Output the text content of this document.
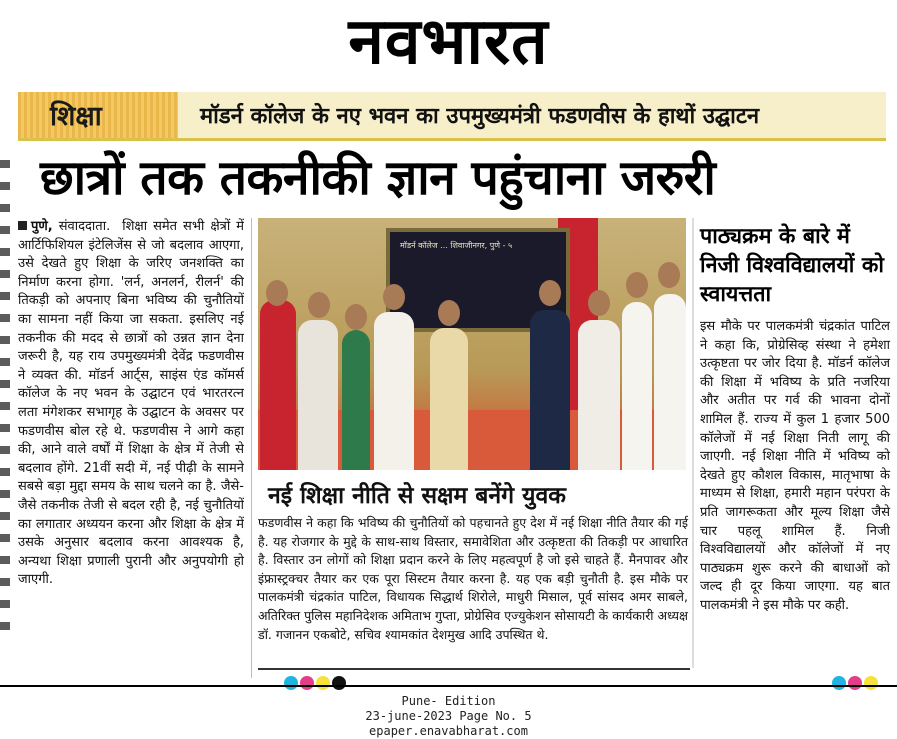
नवभारत
शिक्षा	मॉडर्न कॉलेज के नए भवन का उपमुख्यमंत्री फडणवीस के हाथों उद्घाटन
छात्रों तक तकनीकी ज्ञान पहुंचाना जरुरी
पुणे, संवाददाता. शिक्षा समेत सभी क्षेत्रों में आर्टिफिशियल इंटेलिजेंस से जो बदलाव आएगा, उसे देखते हुए शिक्षा के जरिए जनशक्ति का निर्माण करना होगा. 'लर्न, अनलर्न, रीलर्न' की तिकड़ी को अपनाए बिना भविष्य की चुनौतियों का सामना नहीं किया जा सकता. इसलिए नई तकनीक की मदद से छात्रों को उन्नत ज्ञान देना जरूरी है, यह राय उपमुख्यमंत्री देवेंद्र फडणवीस ने व्यक्त की. मॉडर्न आर्ट्स, साइंस एंड कॉमर्स कॉलेज के नए भवन के उद्घाटन एवं भारतरत्न लता मंगेशकर सभागृह के उद्घाटन के अवसर पर फडणवीस बोल रहे थे. फडणवीस ने आगे कहा की, आने वाले वर्षों में शिक्षा के क्षेत्र में तेजी से बदलाव होंगे. 21वीं सदी में, नई पीढ़ी के सामने सबसे बड़ा मुद्दा समय के साथ चलने का है. जैसे-जैसे तकनीक तेजी से बदल रही है, नई चुनौतियों का लगातार अध्ययन करना और शिक्षा के क्षेत्र में उसके अनुसार बदलाव करना आवश्यक है, अन्यथा शिक्षा प्रणाली पुरानी और अनुपयोगी हो जाएगी.
मॉडर्न कॉलेज ... शिवाजीनगर, पुणे - ५
नई शिक्षा नीति से सक्षम बनेंगे युवक
फडणवीस ने कहा कि भविष्य की चुनौतियों को पहचानते हुए देश में नई शिक्षा नीति तैयार की गई है. यह रोजगार के मुद्दे के साथ-साथ विस्तार, समावेशिता और उत्कृष्टता की तिकड़ी पर आधारित है. विस्तार उन लोगों को शिक्षा प्रदान करने के लिए महत्वपूर्ण है जो इसे चाहते हैं. मैनपावर और इंफ्रास्ट्रक्चर तैयार कर एक पूरा सिस्टम तैयार करना है. यह एक बड़ी चुनौती है. इस मौके पर पालकमंत्री चंद्रकांत पाटिल, विधायक सिद्धार्थ शिरोले, माधुरी मिसाल, पूर्व सांसद अमर साबले, अतिरिक्त पुलिस महानिदेशक अमिताभ गुप्ता, प्रोग्रेसिव एज्युकेशन सोसायटी के कार्यकारी अध्यक्ष डॉ. गजानन एकबोटे, सचिव श्यामकांत देशमुख आदि उपस्थित थे.
पाठ्यक्रम के बारे में निजी विश्वविद्यालयों को स्वायत्तता
इस मौके पर पालकमंत्री चंद्रकांत पाटिल ने कहा कि, प्रोग्रेसिव्ह संस्था ने हमेशा उत्कृष्टता पर जोर दिया है. मॉडर्न कॉलेज की शिक्षा में भविष्य के प्रति नजरिया और अतीत पर गर्व की भावना दोनों शामिल हैं. राज्य में कुल 1 हजार 500 कॉलेजों में नई शिक्षा निती लागू की जाएगी. नई शिक्षा नीति में भविष्य को देखते हुए कौशल विकास, मातृभाषा के माध्यम से शिक्षा, हमारी महान परंपरा के प्रति जागरूकता और मूल्य शिक्षा जैसे चार पहलू शामिल हैं. निजी विश्वविद्यालयों और कॉलेजों में नए पाठ्यक्रम शुरू करने की बाधाओं को जल्द ही दूर किया जाएगा. यह बात पालकमंत्री ने इस मौके पर कही.
Pune- Edition
23-june-2023 Page No. 5
epaper.enavabharat.com
